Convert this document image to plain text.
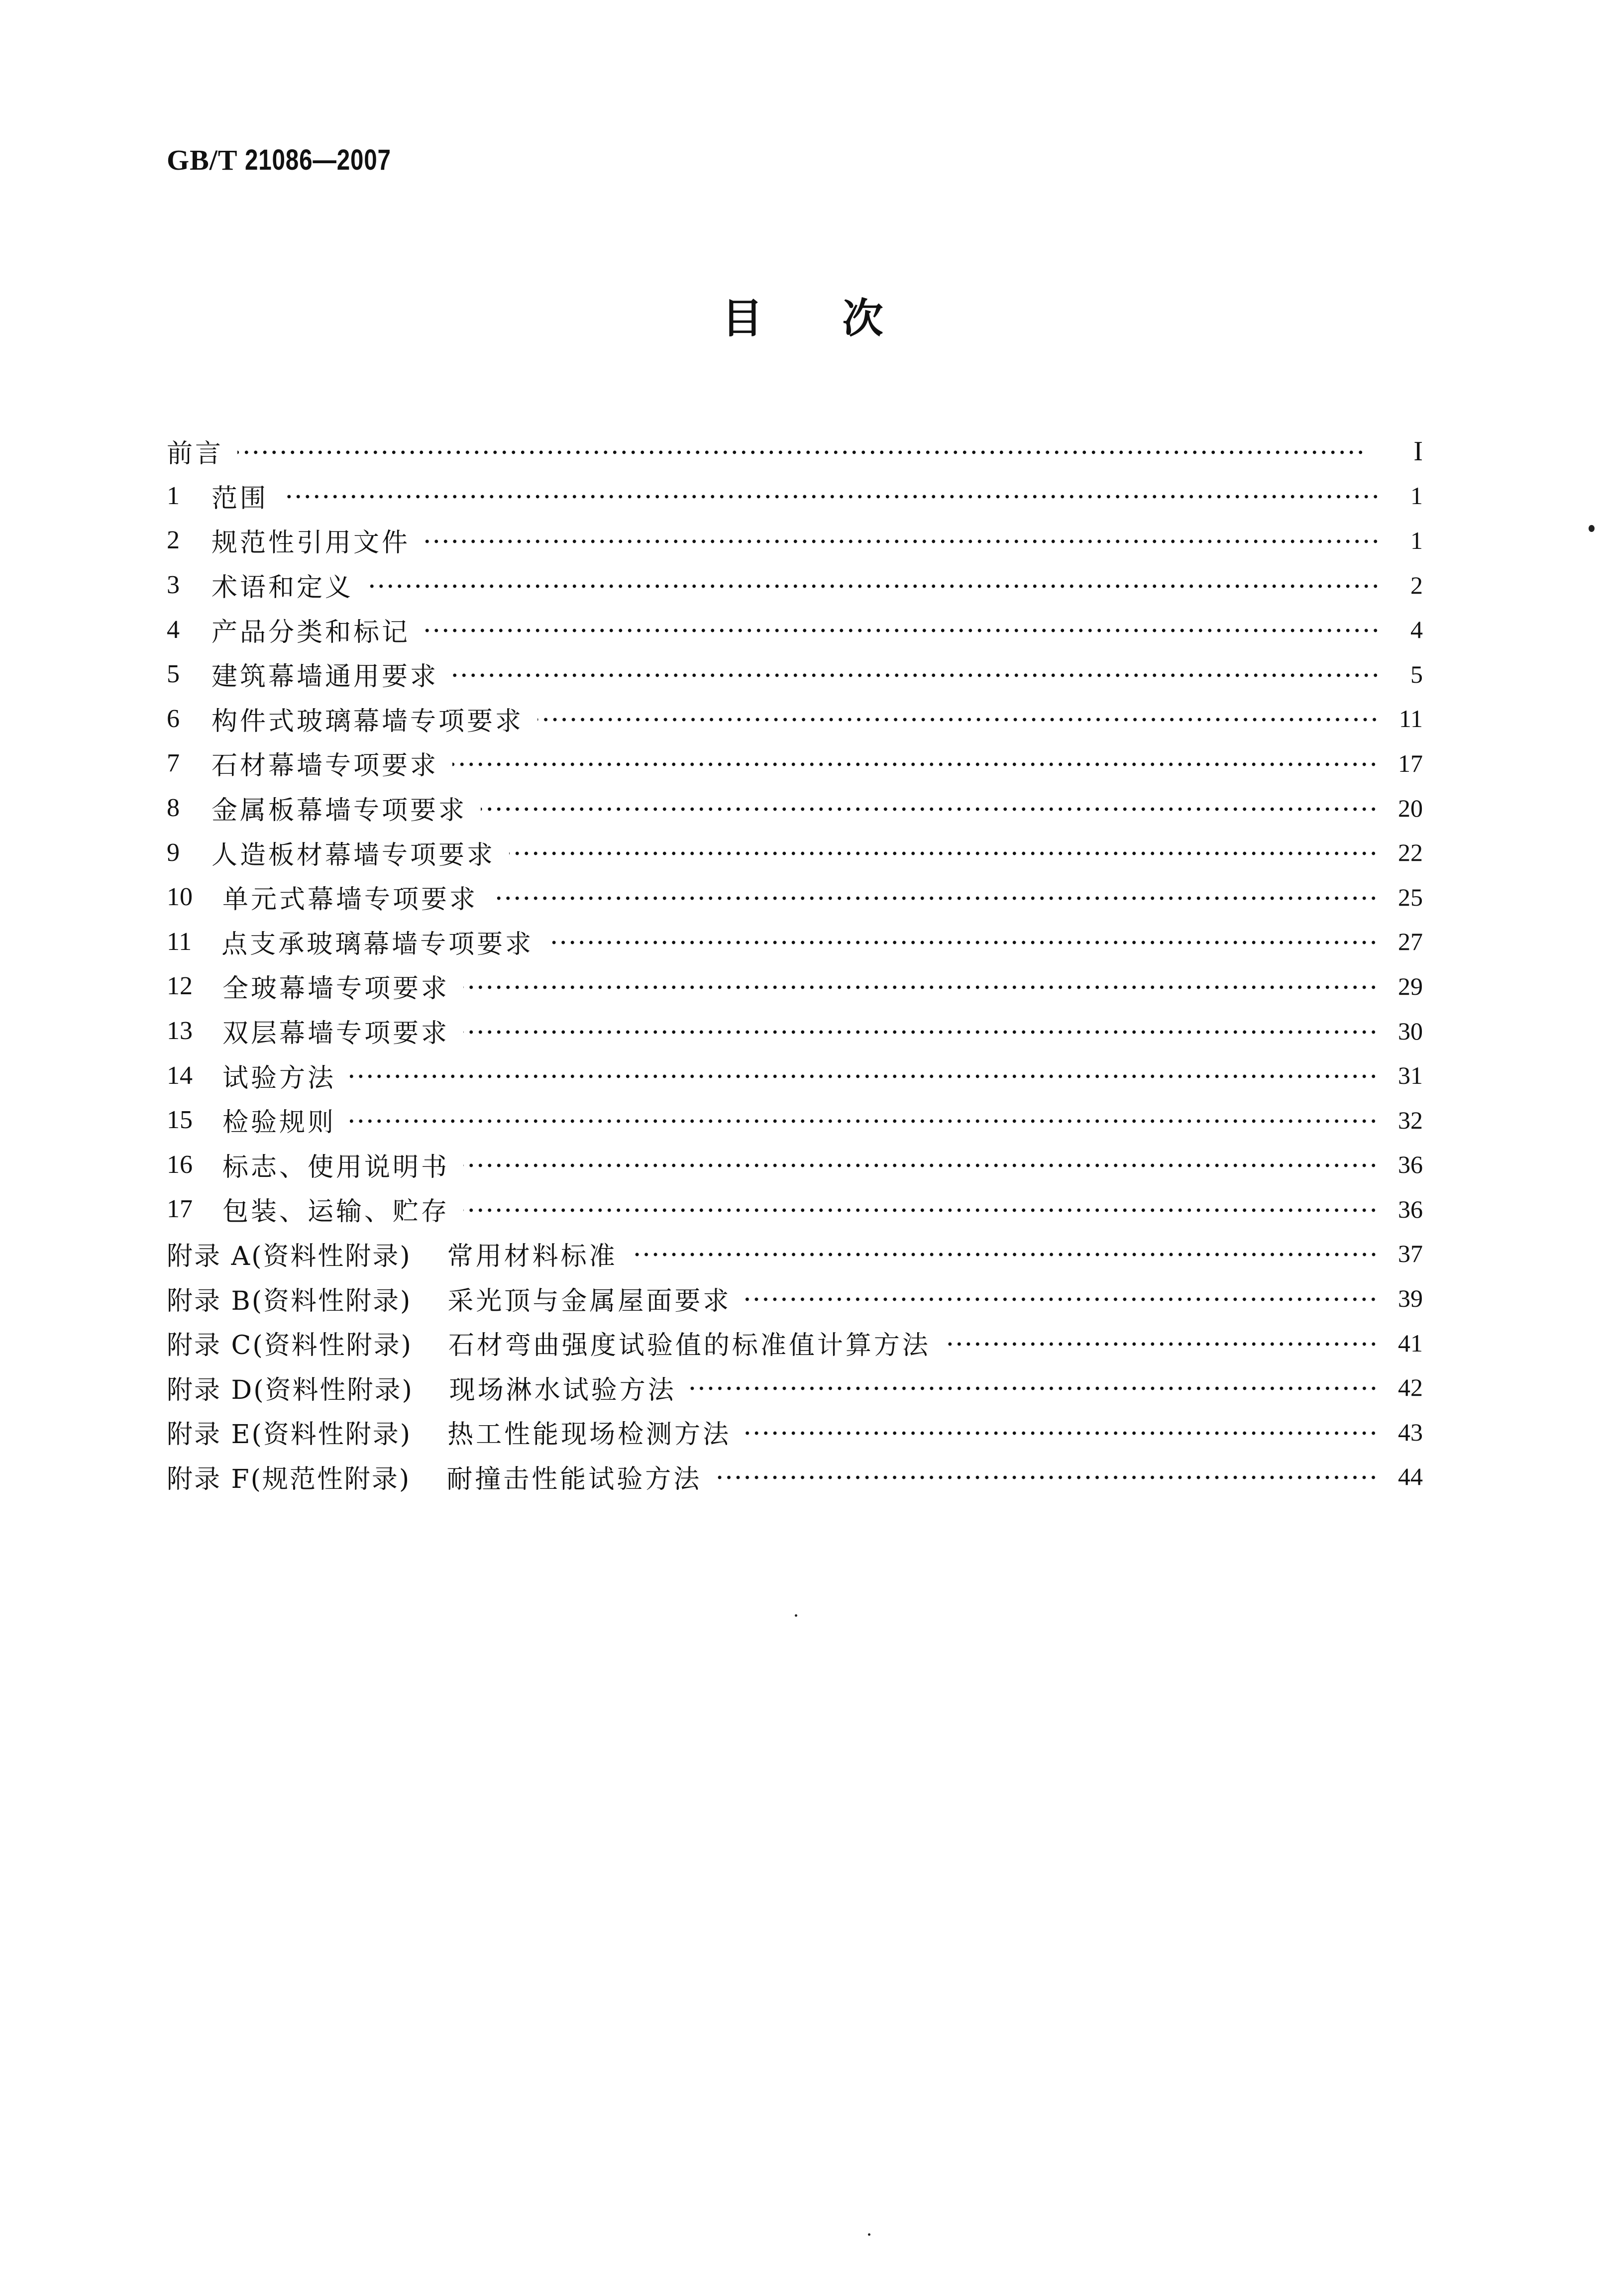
GB/T 21086—2007
目 次
前言	I
1 范围	1
2 规范性引用文件	1
3 术语和定义	2
4 产品分类和标记	4
5 建筑幕墙通用要求	5
6 构件式玻璃幕墙专项要求	11
7 石材幕墙专项要求	17
8 金属板幕墙专项要求	20
9 人造板材幕墙专项要求	22
10 单元式幕墙专项要求	25
11 点支承玻璃幕墙专项要求	27
12 全玻幕墙专项要求	29
13 双层幕墙专项要求	30
14 试验方法	31
15 检验规则	32
16 标志、使用说明书	36
17 包装、运输、贮存	36
附录 A(资料性附录) 常用材料标准	37
附录 B(资料性附录) 采光顶与金属屋面要求	39
附录 C(资料性附录) 石材弯曲强度试验值的标准值计算方法	41
附录 D(资料性附录) 现场淋水试验方法	42
附录 E(资料性附录) 热工性能现场检测方法	43
附录 F(规范性附录) 耐撞击性能试验方法	44
